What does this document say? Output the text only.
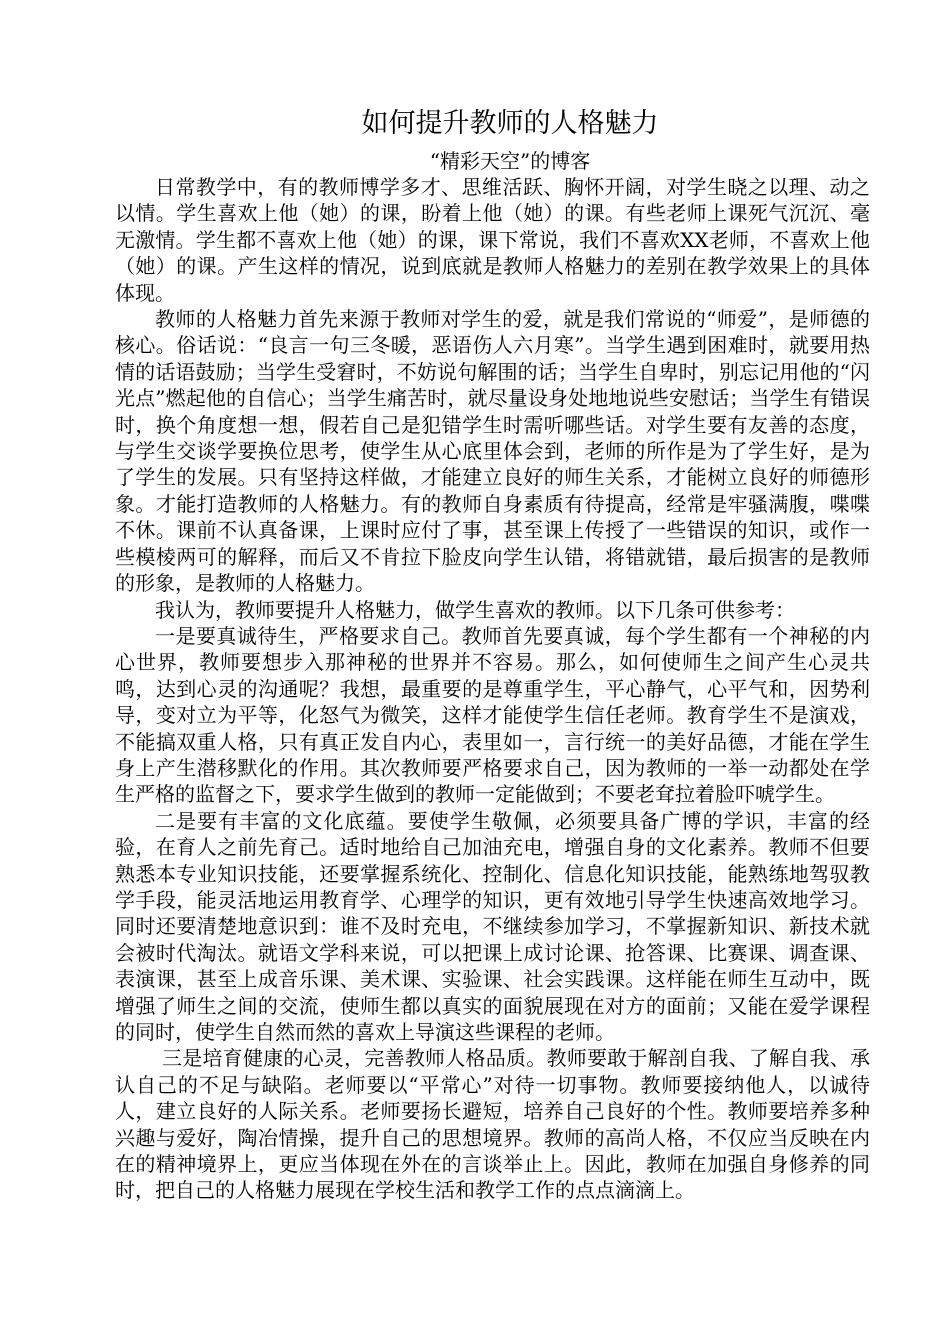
如何提升教师的人格魅力
“精彩天空”的博客

日常教学中，有的教师博学多才、思维活跃、胸怀开阔，对学生晓之以理、动之以情。学生喜欢上他（她）的课，盼着上他（她）的课。有些老师上课死气沉沉、毫无激情。学生都不喜欢上他（她）的课，课下常说，我们不喜欢XX老师，不喜欢上他（她）的课。产生这样的情况，说到底就是教师人格魅力的差别在教学效果上的具体体现。

教师的人格魅力首先来源于教师对学生的爱，就是我们常说的“师爱”，是师德的核心。俗话说：“良言一句三冬暖，恶语伤人六月寒”。当学生遇到困难时，就要用热情的话语鼓励；当学生受窘时，不妨说句解围的话；当学生自卑时，别忘记用他的“闪光点”燃起他的自信心；当学生痛苦时，就尽量设身处地地说些安慰话；当学生有错误时，换个角度想一想，假若自己是犯错学生时需听哪些话。对学生要有友善的态度，与学生交谈学要换位思考，使学生从心底里体会到，老师的所作是为了学生好，是为了学生的发展。只有坚持这样做，才能建立良好的师生关系，才能树立良好的师德形象。才能打造教师的人格魅力。有的教师自身素质有待提高，经常是牢骚满腹，喋喋不休。课前不认真备课，上课时应付了事，甚至课上传授了一些错误的知识，或作一些模棱两可的解释，而后又不肯拉下脸皮向学生认错，将错就错，最后损害的是教师的形象，是教师的人格魅力。

我认为，教师要提升人格魅力，做学生喜欢的教师。以下几条可供参考：

一是要真诚待生，严格要求自己。教师首先要真诚，每个学生都有一个神秘的内心世界，教师要想步入那神秘的世界并不容易。那么，如何使师生之间产生心灵共鸣，达到心灵的沟通呢？我想，最重要的是尊重学生，平心静气，心平气和，因势利导，变对立为平等，化怒气为微笑，这样才能使学生信任老师。教育学生不是演戏，不能搞双重人格，只有真正发自内心，表里如一，言行统一的美好品德，才能在学生身上产生潜移默化的作用。其次教师要严格要求自己，因为教师的一举一动都处在学生严格的监督之下，要求学生做到的教师一定能做到；不要老耷拉着脸吓唬学生。

二是要有丰富的文化底蕴。要使学生敬佩，必须要具备广博的学识，丰富的经验，在育人之前先育己。适时地给自己加油充电，增强自身的文化素养。教师不但要熟悉本专业知识技能，还要掌握系统化、控制化、信息化知识技能，能熟练地驾驭教学手段，能灵活地运用教育学、心理学的知识，更有效地引导学生快速高效地学习。同时还要清楚地意识到：谁不及时充电，不继续参加学习，不掌握新知识、新技术就会被时代淘汰。就语文学科来说，可以把课上成讨论课、抢答课、比赛课、调查课、表演课，甚至上成音乐课、美术课、实验课、社会实践课。这样能在师生互动中，既增强了师生之间的交流，使师生都以真实的面貌展现在对方的面前；又能在爱学课程的同时，使学生自然而然的喜欢上导演这些课程的老师。

三是培育健康的心灵，完善教师人格品质。教师要敢于解剖自我、了解自我、承认自己的不足与缺陷。老师要以“平常心”对待一切事物。教师要接纳他人，以诚待人，建立良好的人际关系。老师要扬长避短，培养自己良好的个性。教师要培养多种兴趣与爱好，陶冶情操，提升自己的思想境界。教师的高尚人格，不仅应当反映在内在的精神境界上，更应当体现在外在的言谈举止上。因此，教师在加强自身修养的同时，把自己的人格魅力展现在学校生活和教学工作的点点滴滴上。
